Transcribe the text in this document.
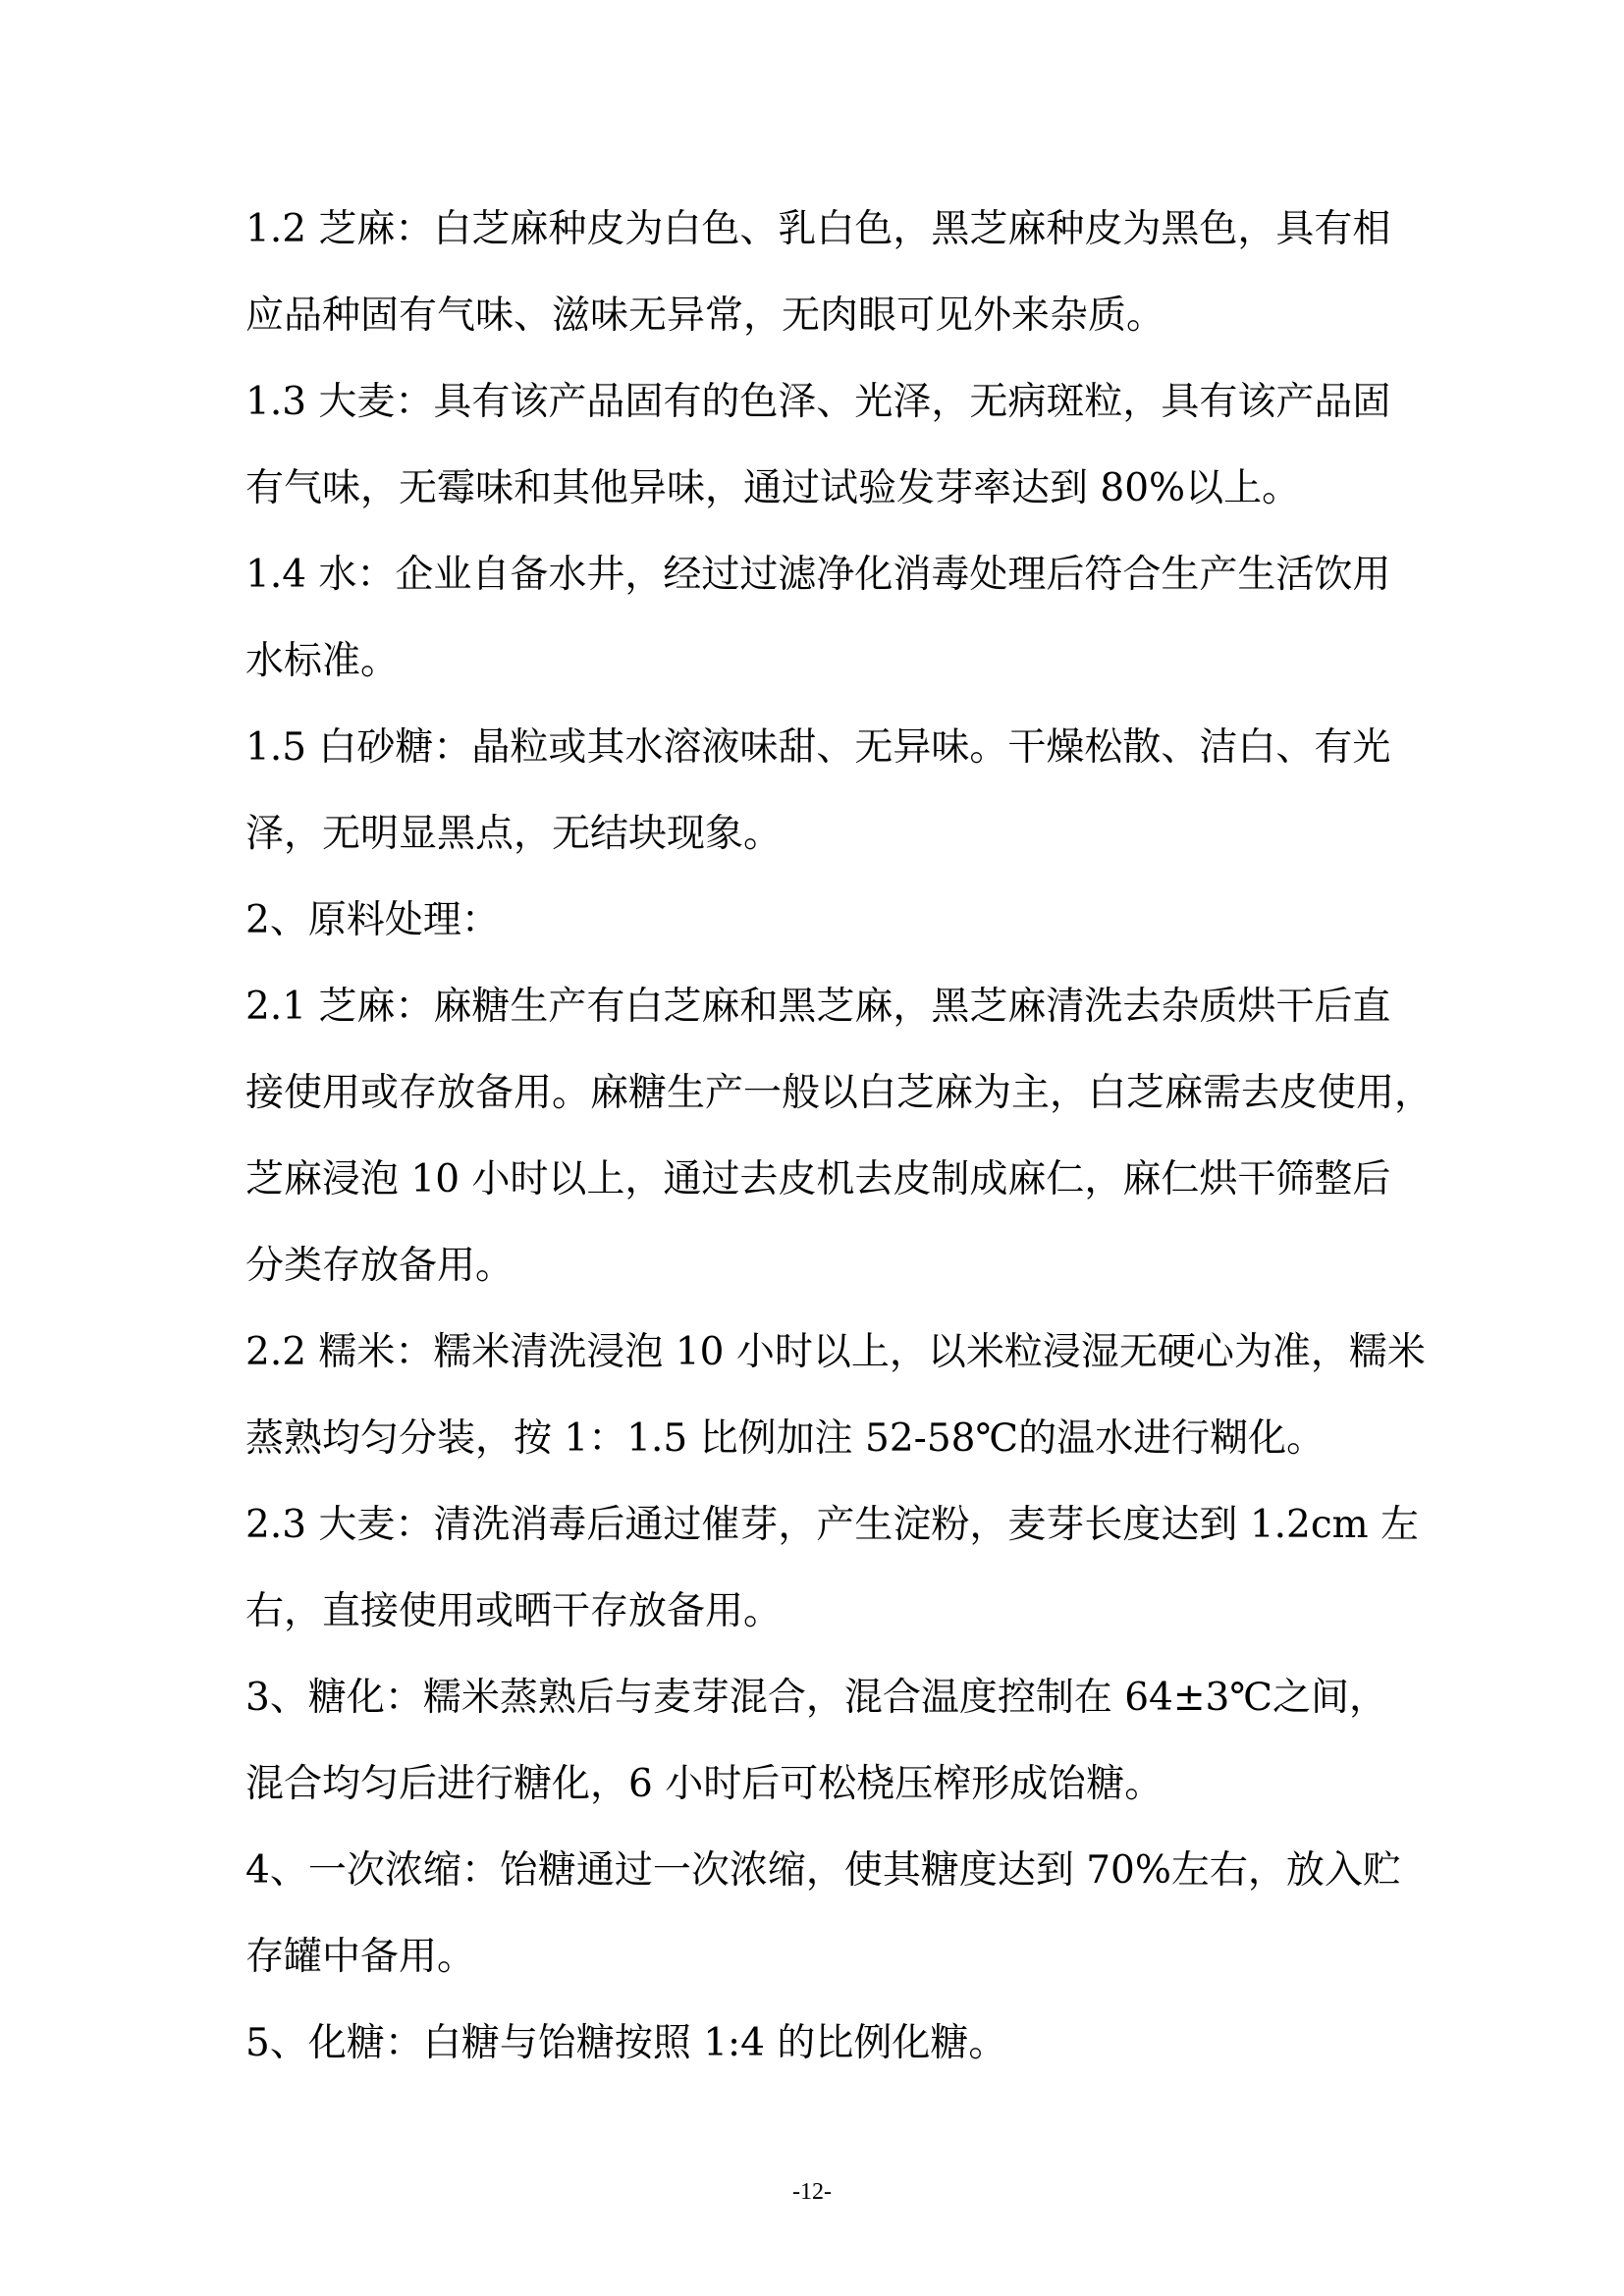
1.2 芝麻：白芝麻种皮为白色、乳白色，黑芝麻种皮为黑色，具有相
应品种固有气味、滋味无异常，无肉眼可见外来杂质。

1.3 大麦：具有该产品固有的色泽、光泽，无病斑粒，具有该产品固
有气味，无霉味和其他异味，通过试验发芽率达到 80%以上。

1.4 水：企业自备水井，经过过滤净化消毒处理后符合生产生活饮用
水标准。

1.5 白砂糖：晶粒或其水溶液味甜、无异味。干燥松散、洁白、有光
泽，无明显黑点，无结块现象。

2、原料处理：

2.1 芝麻：麻糖生产有白芝麻和黑芝麻，黑芝麻清洗去杂质烘干后直
接使用或存放备用。麻糖生产一般以白芝麻为主，白芝麻需去皮使用，
芝麻浸泡 10 小时以上，通过去皮机去皮制成麻仁，麻仁烘干筛整后
分类存放备用。

2.2 糯米：糯米清洗浸泡 10 小时以上，以米粒浸湿无硬心为准，糯米
蒸熟均匀分装，按 1：1.5 比例加注 52-58℃的温水进行糊化。

2.3 大麦：清洗消毒后通过催芽，产生淀粉，麦芽长度达到 1.2cm 左
右，直接使用或晒干存放备用。

3、糖化：糯米蒸熟后与麦芽混合，混合温度控制在 64±3℃之间，
混合均匀后进行糖化，6 小时后可松桡压榨形成饴糖。

4、一次浓缩：饴糖通过一次浓缩，使其糖度达到 70%左右，放入贮
存罐中备用。

5、化糖：白糖与饴糖按照 1:4 的比例化糖。

-12-
